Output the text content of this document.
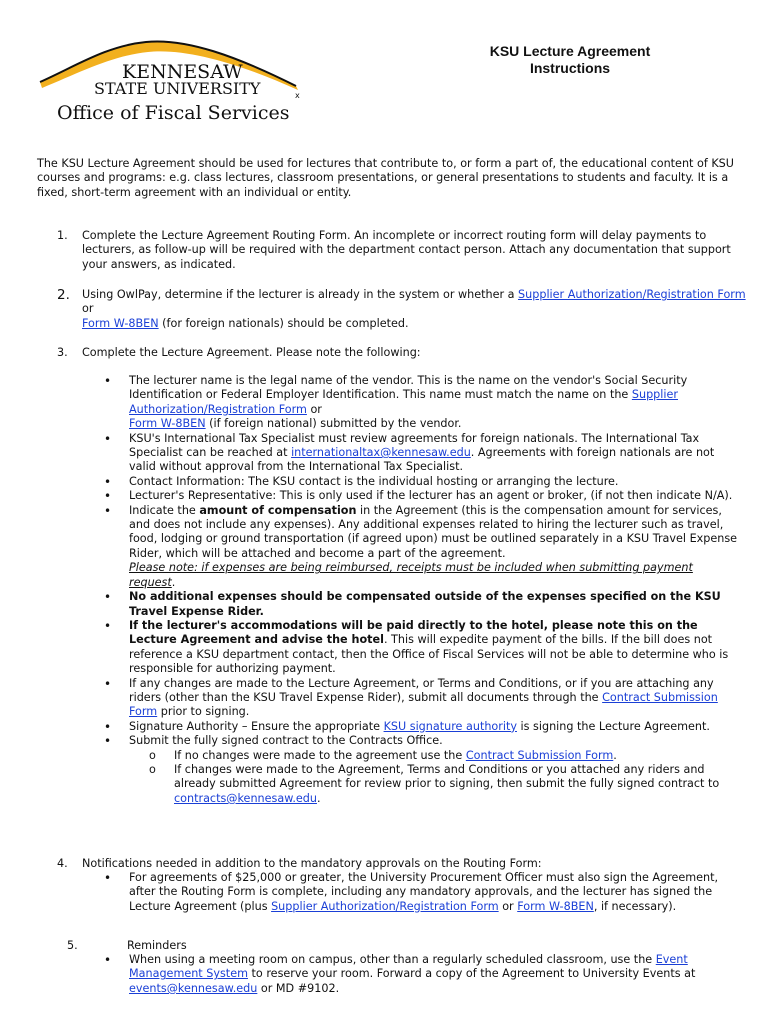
KENNESAW
STATE UNIVERSITY	x
Office of Fiscal Services
KSU Lecture Agreement
Instructions
The KSU Lecture Agreement should be used for lectures that contribute to, or form a part of, the educational content of KSU courses and programs: e.g. class lectures, classroom presentations, or general presentations to students and faculty. It is a fixed, short-term agreement with an individual or entity.
1. Complete the Lecture Agreement Routing Form. An incomplete or incorrect routing form will delay payments to lecturers, as follow-up will be required with the department contact person. Attach any documentation that support your answers, as indicated.
2. Using OwlPay, determine if the lecturer is already in the system or whether a Supplier Authorization/Registration Form or
Form W-8BEN (for foreign nationals) should be completed.
3. Complete the Lecture Agreement. Please note the following:
• The lecturer name is the legal name of the vendor. This is the name on the vendor's Social Security Identification or Federal Employer Identification. This name must match the name on the Supplier Authorization/Registration Form or
Form W-8BEN (if foreign national) submitted by the vendor.
• KSU's International Tax Specialist must review agreements for foreign nationals. The International Tax Specialist can be reached at internationaltax@kennesaw.edu. Agreements with foreign nationals are not valid without approval from the International Tax Specialist.
• Contact Information: The KSU contact is the individual hosting or arranging the lecture.
• Lecturer's Representative: This is only used if the lecturer has an agent or broker, (if not then indicate N/A).
• Indicate the amount of compensation in the Agreement (this is the compensation amount for services, and does not include any expenses). Any additional expenses related to hiring the lecturer such as travel, food, lodging or ground transportation (if agreed upon) must be outlined separately in a KSU Travel Expense Rider, which will be attached and become a part of the agreement.
Please note: if expenses are being reimbursed, receipts must be included when submitting payment request.
• No additional expenses should be compensated outside of the expenses specified on the KSU Travel Expense Rider.
• If the lecturer's accommodations will be paid directly to the hotel, please note this on the Lecture Agreement and advise the hotel. This will expedite payment of the bills. If the bill does not reference a KSU department contact, then the Office of Fiscal Services will not be able to determine who is responsible for authorizing payment.
• If any changes are made to the Lecture Agreement, or Terms and Conditions, or if you are attaching any riders (other than the KSU Travel Expense Rider), submit all documents through the Contract Submission Form prior to signing.
• Signature Authority – Ensure the appropriate KSU signature authority is signing the Lecture Agreement.
• Submit the fully signed contract to the Contracts Office.
o If no changes were made to the agreement use the Contract Submission Form.
o If changes were made to the Agreement, Terms and Conditions or you attached any riders and already submitted Agreement for review prior to signing, then submit the fully signed contract to contracts@kennesaw.edu.
4. Notifications needed in addition to the mandatory approvals on the Routing Form:
• For agreements of $25,000 or greater, the University Procurement Officer must also sign the Agreement, after the Routing Form is complete, including any mandatory approvals, and the lecturer has signed the Lecture Agreement (plus Supplier Authorization/Registration Form or Form W-8BEN, if necessary).
5.	Reminders
• When using a meeting room on campus, other than a regularly scheduled classroom, use the Event Management System to reserve your room. Forward a copy of the Agreement to University Events at events@kennesaw.edu or MD #9102.
